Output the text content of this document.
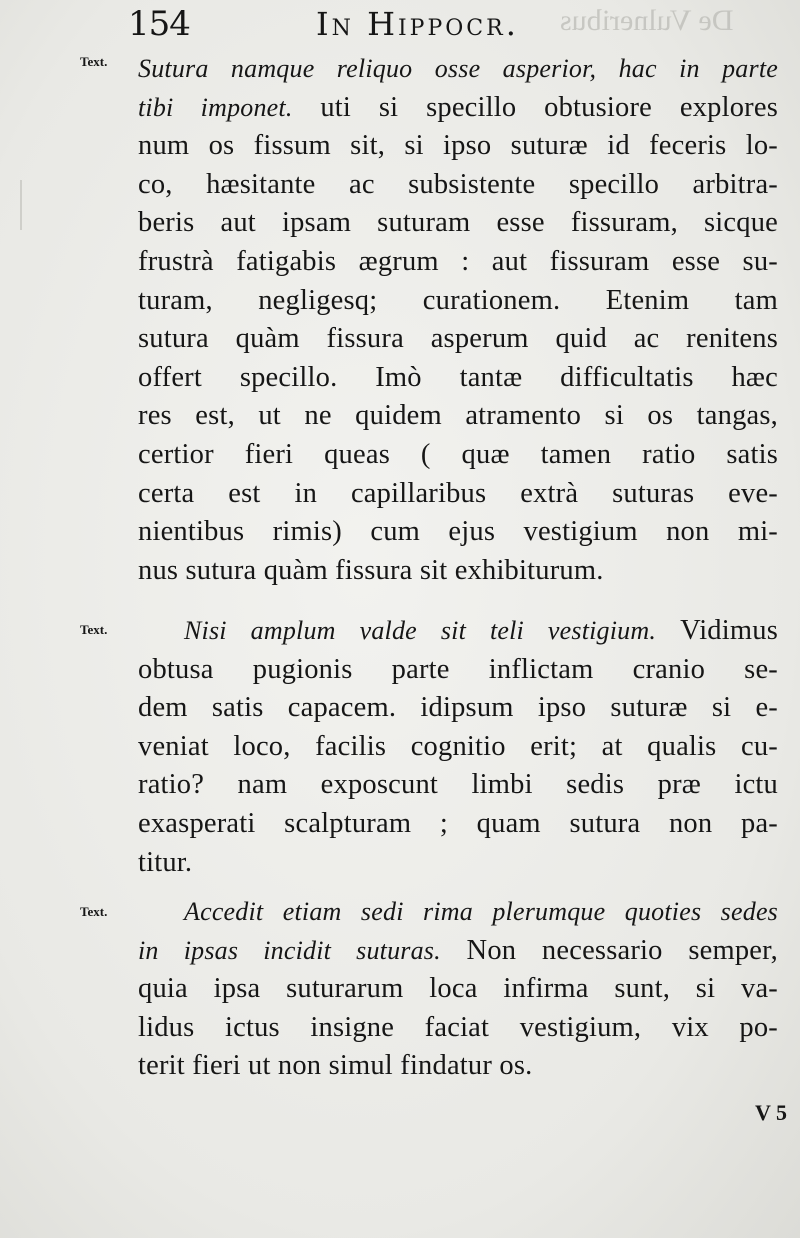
De Vulneribus
154	In Hippocr.
Text. Sutura namque reliquo osse asperior, hac in parte
tibi imponet. uti si specillo obtusiore explores
num os fissum sit, si ipso suturæ id feceris lo-
co, hæsitante ac subsistente specillo arbitra-
beris aut ipsam suturam esse fissuram, sicque
frustrà fatigabis ægrum : aut fissuram esse su-
turam, negligesq; curationem. Etenim tam
sutura quàm fissura asperum quid ac renitens
offert specillo. Imò tantæ difficultatis hæc
res est, ut ne quidem atramento si os tangas,
certior fieri queas ( quæ tamen ratio satis
certa est in capillaribus extrà suturas eve-
nientibus rimis) cum ejus vestigium non mi-
nus sutura quàm fissura sit exhibiturum.
Text.	Nisi amplum valde sit teli vestigium. Vidimus
obtusa pugionis parte inflictam cranio se-
dem satis capacem. idipsum ipso suturæ si e-
veniat loco, facilis cognitio erit; at qualis cu-
ratio? nam exposcunt limbi sedis præ ictu
exasperati scalpturam ; quam sutura non pa-
titur.
Text.	Accedit etiam sedi rima plerumque quoties sedes
in ipsas incidit suturas. Non necessario semper,
quia ipsa suturarum loca infirma sunt, si va-
lidus ictus insigne faciat vestigium, vix po-
terit fieri ut non simul findatur os.
V 5
